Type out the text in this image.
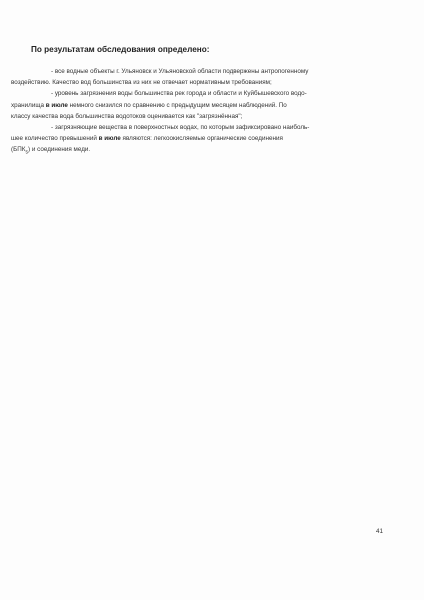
По результатам обследования определено:

- все водные объекты г. Ульяновск и Ульяновской области подвержены антропогенному
воздействию. Качество вод большинства из них не отвечает нормативным требованиям;

- уровень загрязнения воды большинства рек города и области и Куйбышевского водо-
хранилища в июле немного снизился по сравнению с предыдущим месяцем наблюдений. По
классу качества вода большинства водотоков оценивается как "загрязнённая";

- загрязняющие вещества в поверхностных водах, по которым зафиксировано наиболь-
шее количество превышений в июле являются: легкоокисляемые органические соединения
$(БПК_5)$ и соединения меди.

41
